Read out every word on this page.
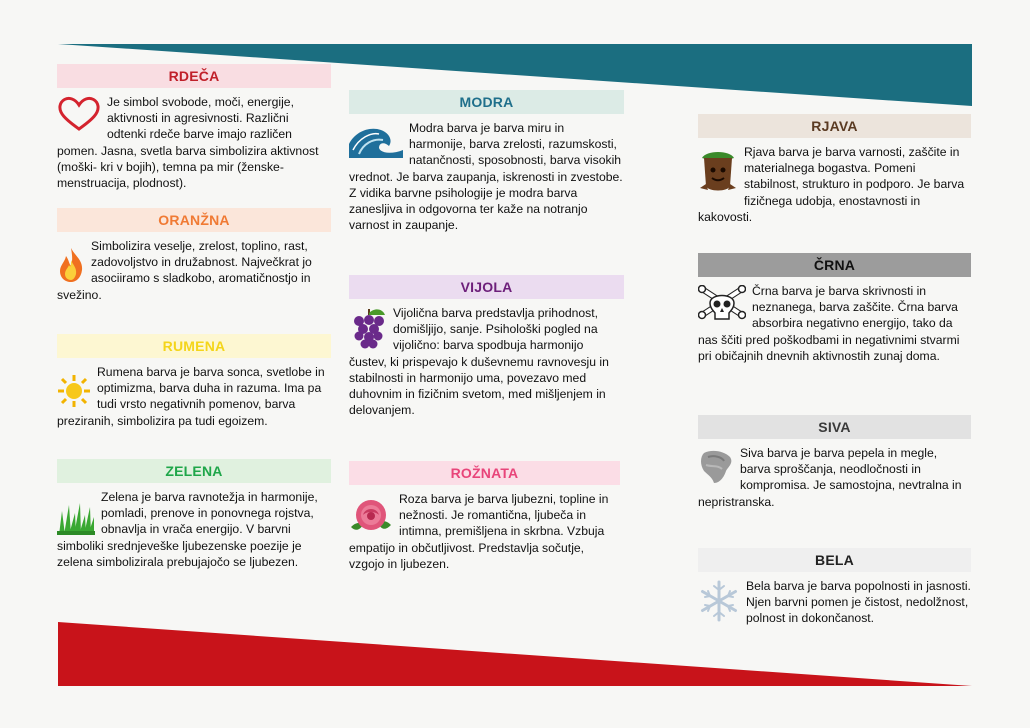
RDEČA

Je simbol svobode, moči, energije, aktivnosti in agresivnosti. Različni odtenki rdeče barve imajo različen pomen. Jasna, svetla barva simbolizira aktivnost (moški- kri v bojih), temna pa mir (ženske- menstruacija, plodnost).

ORANŽNA

Simbolizira veselje, zrelost, toplino, rast, zadovoljstvo in družabnost. Največkrat jo asociiramo s sladkobo, aromatičnostjo in svežino.

RUMENA

Rumena barva je barva sonca, svetlobe in optimizma, barva duha in razuma. Ima pa tudi vrsto negativnih pomenov, barva preziranih, simbolizira pa tudi egoizem.

ZELENA

Zelena je barva ravnotežja in harmonije, pomladi, prenove in ponovnega rojstva, obnavlja in vrača energijo. V barvni simboliki srednjeveške ljubezenske poezije je zelena simbolizirala prebujajočo se ljubezen.

MODRA

Modra barva je barva miru in harmonije, barva zrelosti, razumskosti, natančnosti, sposobnosti, barva visokih vrednot. Je barva zaupanja, iskrenosti in zvestobe. Z vidika barvne psihologije je modra barva zanesljiva in odgovorna ter kaže na notranjo varnost in zaupanje.

VIJOLA

Vijolična barva predstavlja prihodnost, domišljijo, sanje. Psihološki pogled na vijolično: barva spodbuja harmonijo čustev, ki prispevajo k duševnemu ravnovesju in stabilnosti in harmonijo uma, povezavo med duhovnim in fizičnim svetom, med mišljenjem in delovanjem.

ROŽNATA

Roza barva je barva ljubezni, topline in nežnosti. Je romantična, ljubeča in intimna, premišljena in skrbna. Vzbuja empatijo in občutljivost. Predstavlja sočutje, vzgojo in ljubezen.

RJAVA

Rjava barva je barva varnosti, zaščite in materialnega bogastva. Pomeni stabilnost, strukturo in podporo. Je barva fizičnega udobja, enostavnosti in kakovosti.

ČRNA

Črna barva je barva skrivnosti in neznanega, barva zaščite. Črna barva absorbira negativno energijo, tako da nas ščiti pred poškodbami in negativnimi stvarmi pri običajnih dnevnih aktivnostih zunaj doma.

SIVA

Siva barva je barva pepela in megle, barva sproščanja, neodločnosti in kompromisa. Je samostojna, nevtralna in nepristranska.

BELA

Bela barva je barva popolnosti in jasnosti. Njen barvni pomen je čistost, nedolžnost, polnost in dokončanost.
